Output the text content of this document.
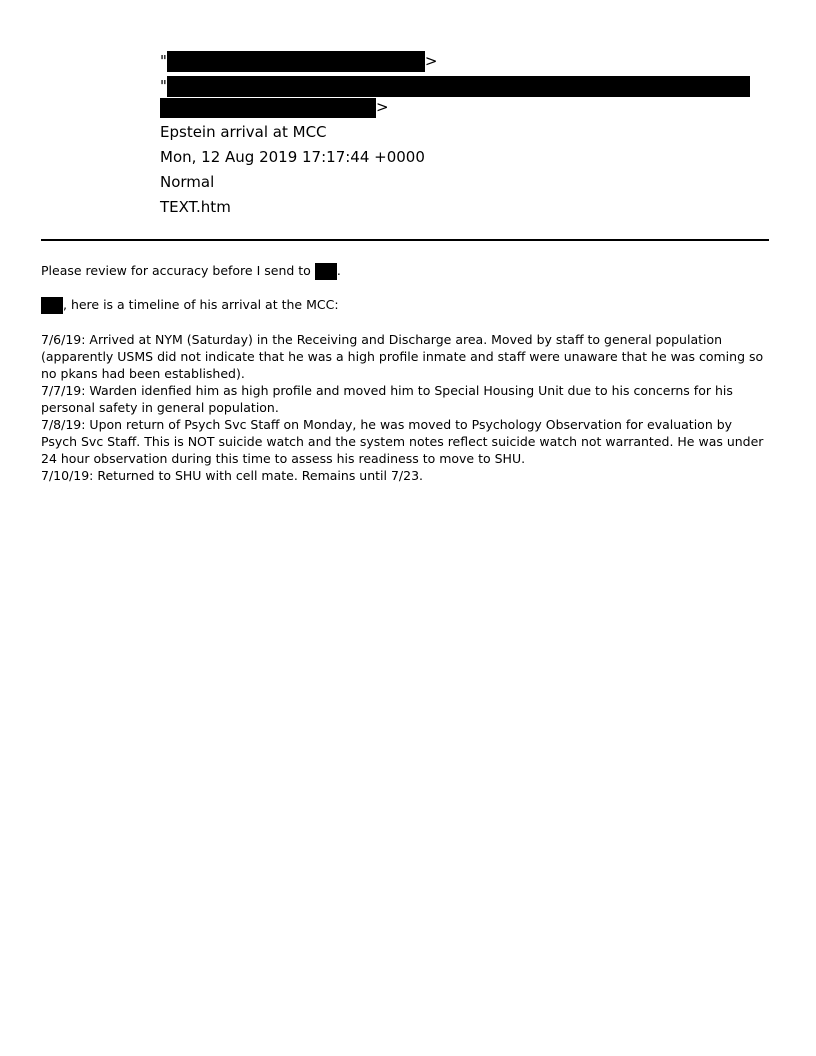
"	>
"
>
Epstein arrival at MCC
Mon, 12 Aug 2019 17:17:44 +0000
Normal
TEXT.htm

Please review for accuracy before I send to .

, here is a timeline of his arrival at the MCC:

7/6/19: Arrived at NYM (Saturday) in the Receiving and Discharge area. Moved by staff to general population (apparently USMS did not indicate that he was a high profile inmate and staff were unaware that he was coming so no pkans had been established).

7/7/19: Warden idenfied him as high profile and moved him to Special Housing Unit due to his concerns for his personal safety in general population.

7/8/19: Upon return of Psych Svc Staff on Monday, he was moved to Psychology Observation for evaluation by Psych Svc Staff. This is NOT suicide watch and the system notes reflect suicide watch not warranted. He was under 24 hour observation during this time to assess his readiness to move to SHU.

7/10/19: Returned to SHU with cell mate. Remains until 7/23.
